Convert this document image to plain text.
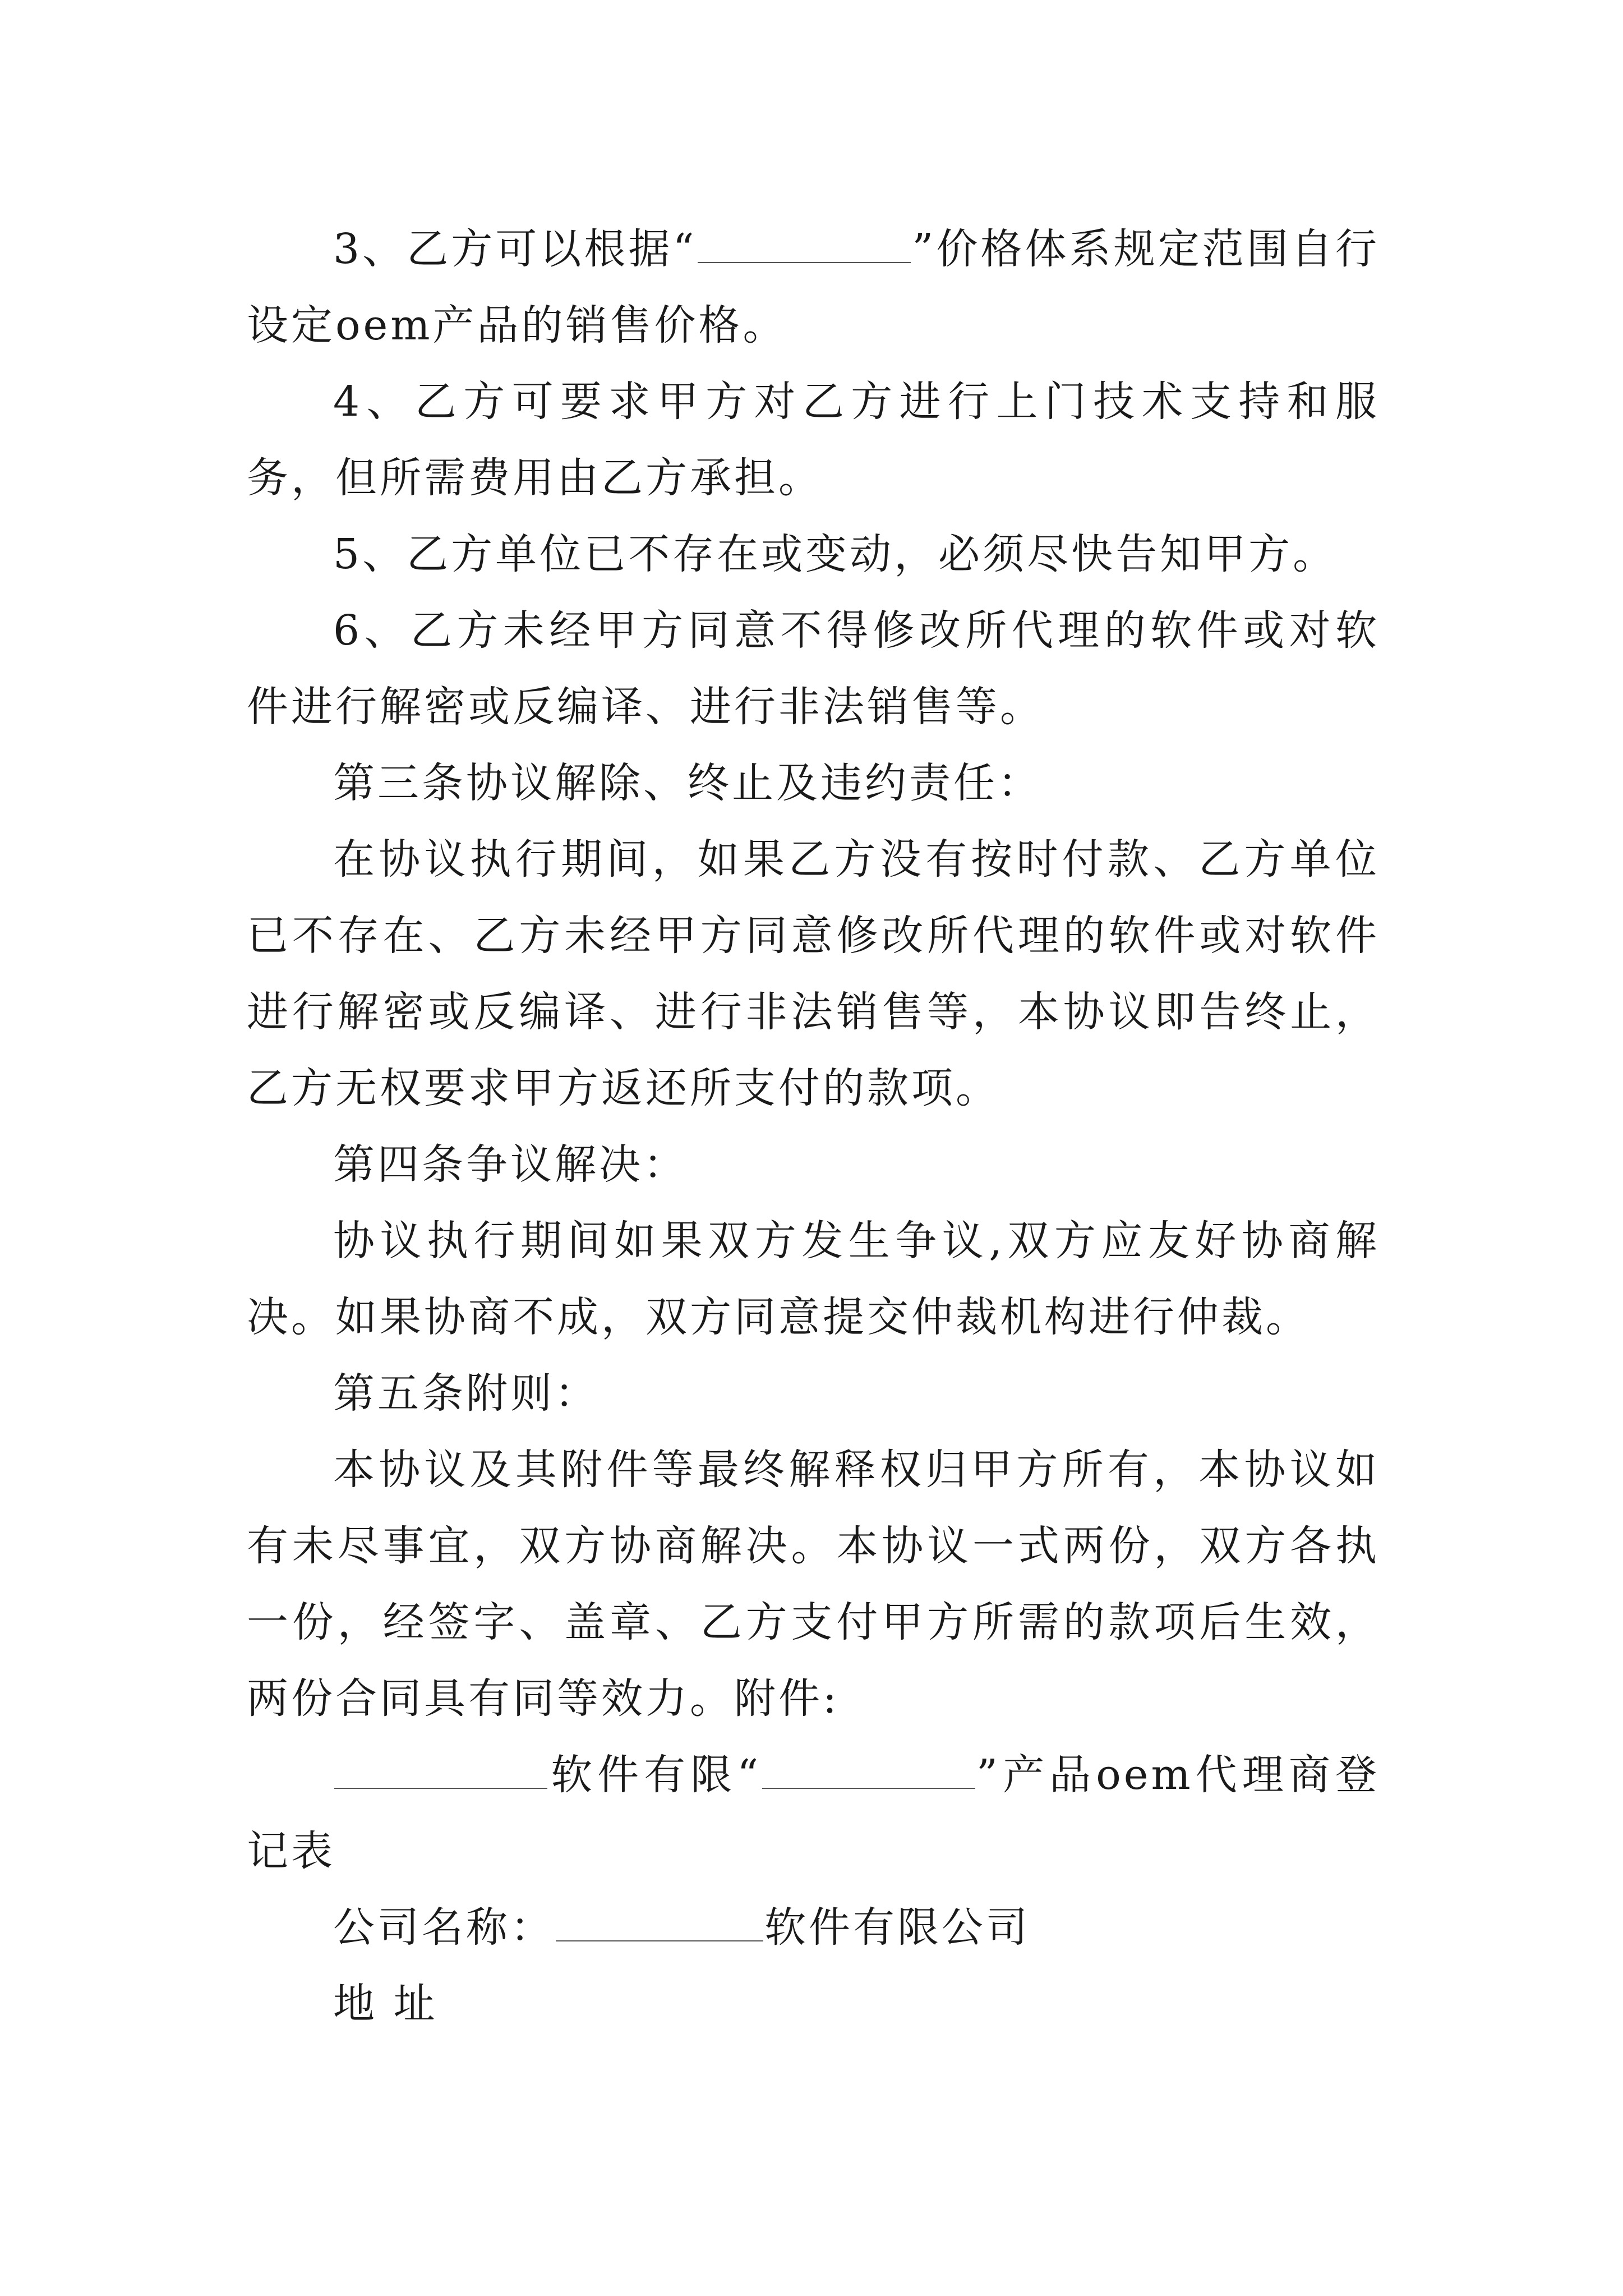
3、乙方可以根据“	”价格体系规定范围自行设定oem产品的销售价格。

4、乙方可要求甲方对乙方进行上门技术支持和服务，但所需费用由乙方承担。

5、乙方单位已不存在或变动，必须尽快告知甲方。

6、乙方未经甲方同意不得修改所代理的软件或对软件进行解密或反编译、进行非法销售等。

第三条协议解除、终止及违约责任：

在协议执行期间，如果乙方没有按时付款、乙方单位已不存在、乙方未经甲方同意修改所代理的软件或对软件进行解密或反编译、进行非法销售等，本协议即告终止，乙方无权要求甲方返还所支付的款项。

第四条争议解决：

协议执行期间如果双方发生争议,双方应友好协商解决。如果协商不成，双方同意提交仲裁机构进行仲裁。

第五条附则：

本协议及其附件等最终解释权归甲方所有，本协议如有未尽事宜，双方协商解决。本协议一式两份，双方各执一份，经签字、盖章、乙方支付甲方所需的款项后生效，两份合同具有同等效力。附件:

软件有限“	”产品oem代理商登记表

公司名称：	软件有限公司

地 址
